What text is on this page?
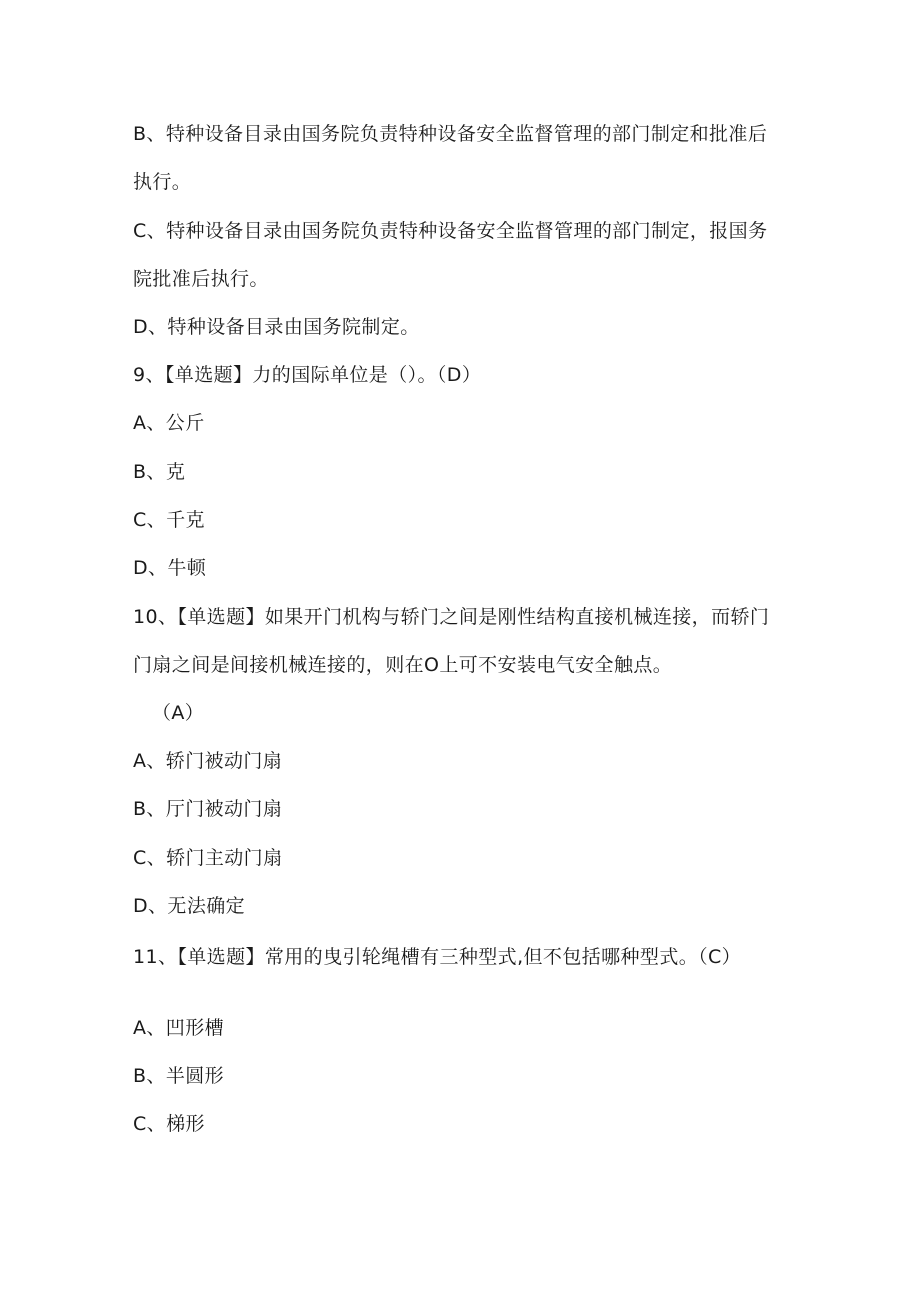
B、特种设备目录由国务院负责特种设备安全监督管理的部门制定和批准后
执行。
C、特种设备目录由国务院负责特种设备安全监督管理的部门制定，报国务
院批准后执行。
D、特种设备目录由国务院制定。
9、【单选题】力的国际单位是（）。（D）
A、公斤
B、克
C、千克
D、牛顿
10、【单选题】如果开门机构与轿门之间是刚性结构直接机械连接，而轿门
门扇之间是间接机械连接的，则在O上可不安装电气安全触点。
（A）
A、轿门被动门扇
B、厅门被动门扇
C、轿门主动门扇
D、无法确定
11、【单选题】常用的曳引轮绳槽有三种型式,但不包括哪种型式。（C）
A、凹形槽
B、半圆形
C、梯形
